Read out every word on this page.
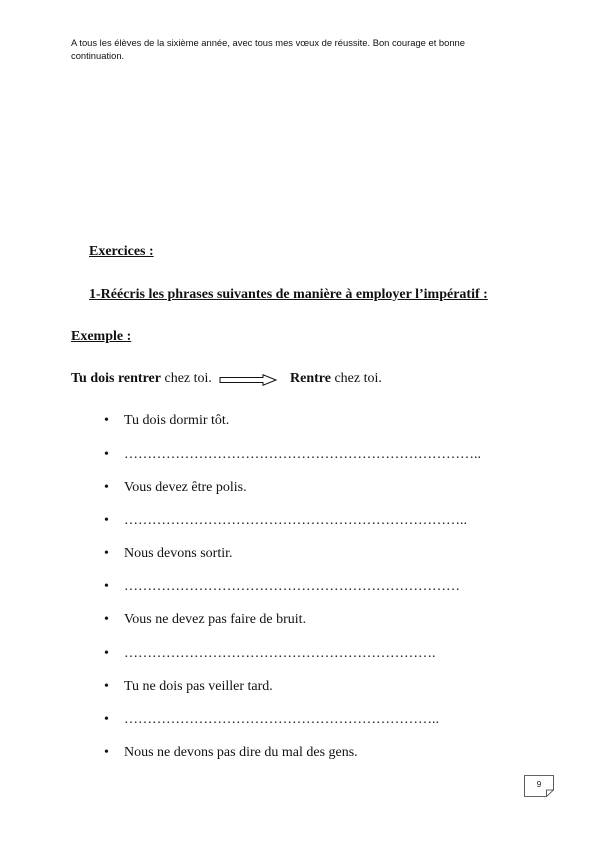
A tous les élèves de la sixième année, avec tous mes vœux de réussite. Bon courage et bonne continuation.
Exercices :
1-Réécris les phrases suivantes de manière à employer l’impératif :
Exemple :
Tu dois rentrer chez toi.	Rentre chez toi.
• Tu dois dormir tôt.
• …………………………………………………………………..
• Vous devez être polis.
• ………………………………………………………………..
• Nous devons sortir.
• ………………………………………………………………
• Vous ne devez pas faire de bruit.
• ………………………………………………………….
• Tu ne dois pas veiller tard.
• …………………………………………………………..
• Nous ne devons pas dire du mal des gens.
9
